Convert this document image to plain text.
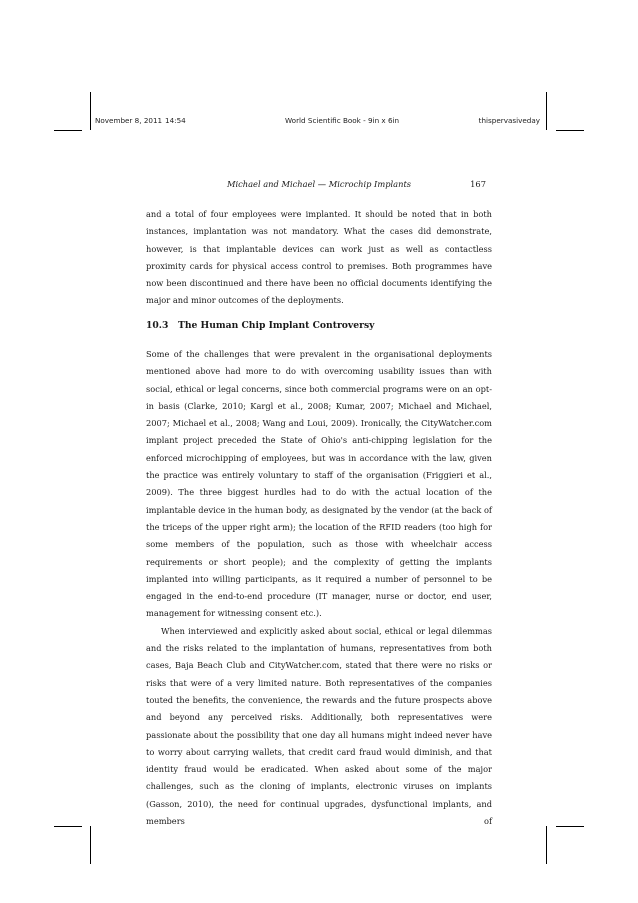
November 8, 2011 14:54	World Scientific Book - 9in x 6in	thispervasiveday
Michael and Michael — Microchip Implants	167

and a total of four employees were implanted. It should be noted that in both instances, implantation was not mandatory. What the cases did demonstrate, however, is that implantable devices can work just as well as contactless proximity cards for physical access control to premises. Both programmes have now been discontinued and there have been no official documents identifying the major and minor outcomes of the deployments.

10.3 The Human Chip Implant Controversy

Some of the challenges that were prevalent in the organisational deployments mentioned above had more to do with overcoming usability issues than with social, ethical or legal concerns, since both commercial programs were on an opt-in basis (Clarke, 2010; Kargl et al., 2008; Kumar, 2007; Michael and Michael, 2007; Michael et al., 2008; Wang and Loui, 2009). Ironically, the CityWatcher.com implant project preceded the State of Ohio's anti-chipping legislation for the enforced microchipping of employees, but was in accordance with the law, given the practice was entirely voluntary to staff of the organisation (Friggieri et al., 2009). The three biggest hurdles had to do with the actual location of the implantable device in the human body, as designated by the vendor (at the back of the triceps of the upper right arm); the location of the RFID readers (too high for some members of the population, such as those with wheelchair access requirements or short people); and the complexity of getting the implants implanted into willing participants, as it required a number of personnel to be engaged in the end-to-end procedure (IT manager, nurse or doctor, end user, management for witnessing consent etc.).

When interviewed and explicitly asked about social, ethical or legal dilemmas and the risks related to the implantation of humans, representatives from both cases, Baja Beach Club and CityWatcher.com, stated that there were no risks or risks that were of a very limited nature. Both representatives of the companies touted the benefits, the convenience, the rewards and the future prospects above and beyond any perceived risks. Additionally, both representatives were passionate about the possibility that one day all humans might indeed never have to worry about carrying wallets, that credit card fraud would diminish, and that identity fraud would be eradicated. When asked about some of the major challenges, such as the cloning of implants, electronic viruses on implants (Gasson, 2010), the need for continual upgrades, dysfunctional implants, and members of
